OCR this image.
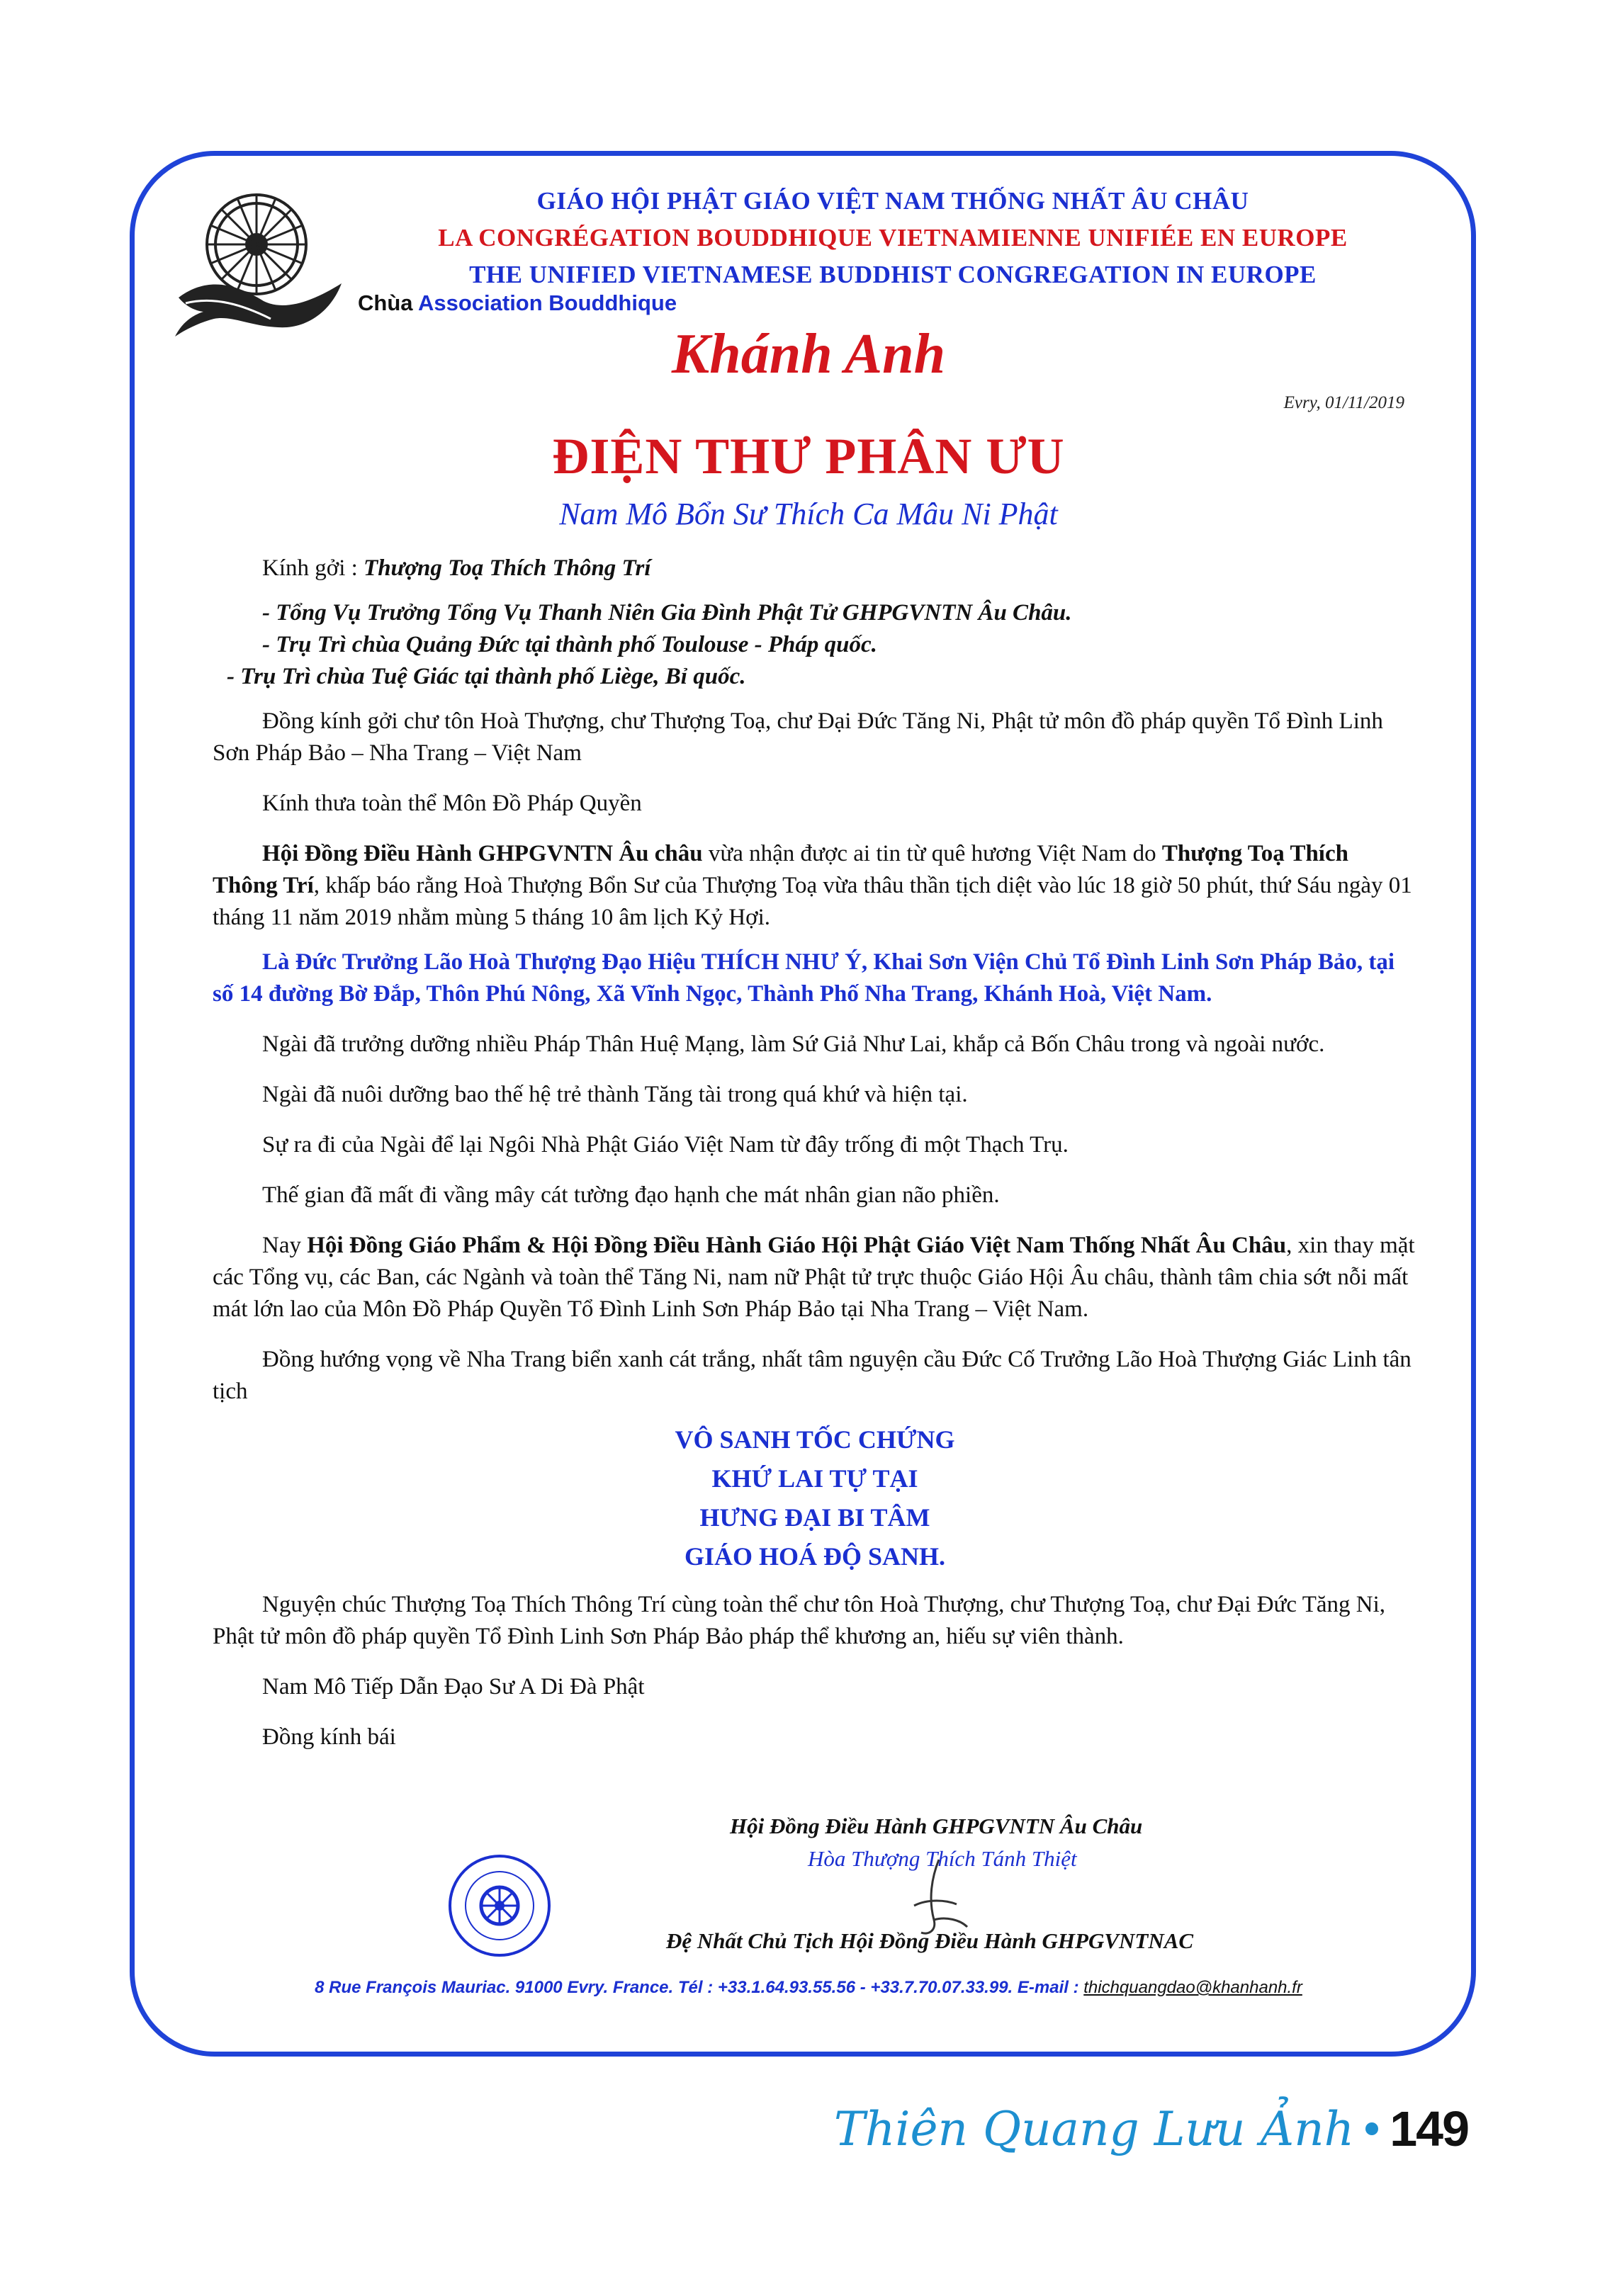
GIÁO HỘI PHẬT GIÁO VIỆT NAM THỐNG NHẤT ÂU CHÂU
LA CONGRÉGATION BOUDDHIQUE VIETNAMIENNE UNIFIÉE EN EUROPE
THE UNIFIED VIETNAMESE BUDDHIST CONGREGATION IN EUROPE
Chùa Association Bouddhique
Khánh Anh
Evry, 01/11/2019
ĐIỆN THƯ PHÂN ƯU
Nam Mô Bổn Sư Thích Ca Mâu Ni Phật

Kính gởi : Thượng Toạ Thích Thông Trí

- Tổng Vụ Trưởng Tổng Vụ Thanh Niên Gia Đình Phật Tử GHPGVNTN Âu Châu.

- Trụ Trì chùa Quảng Đức tại thành phố Toulouse - Pháp quốc.

- Trụ Trì chùa Tuệ Giác tại thành phố Liège, Bỉ quốc.

Đồng kính gởi chư tôn Hoà Thượng, chư Thượng Toạ, chư Đại Đức Tăng Ni, Phật tử môn đồ pháp quyền Tổ Đình Linh Sơn Pháp Bảo – Nha Trang – Việt Nam

Kính thưa toàn thể Môn Đồ Pháp Quyền

Hội Đồng Điều Hành GHPGVNTN Âu châu vừa nhận được ai tin từ quê hương Việt Nam do Thượng Toạ Thích Thông Trí, khấp báo rằng Hoà Thượng Bổn Sư của Thượng Toạ vừa thâu thần tịch diệt vào lúc 18 giờ 50 phút, thứ Sáu ngày 01 tháng 11 năm 2019 nhằm mùng 5 tháng 10 âm lịch Kỷ Hợi.

Là Đức Trưởng Lão Hoà Thượng Đạo Hiệu THÍCH NHƯ Ý, Khai Sơn Viện Chủ Tổ Đình Linh Sơn Pháp Bảo, tại số 14 đường Bờ Đắp, Thôn Phú Nông, Xã Vĩnh Ngọc, Thành Phố Nha Trang, Khánh Hoà, Việt Nam.

Ngài đã trưởng dưỡng nhiều Pháp Thân Huệ Mạng, làm Sứ Giả Như Lai, khắp cả Bốn Châu trong và ngoài nước.

Ngài đã nuôi dưỡng bao thế hệ trẻ thành Tăng tài trong quá khứ và hiện tại.

Sự ra đi của Ngài để lại Ngôi Nhà Phật Giáo Việt Nam từ đây trống đi một Thạch Trụ.

Thế gian đã mất đi vầng mây cát tường đạo hạnh che mát nhân gian não phiền.

Nay Hội Đồng Giáo Phẩm & Hội Đồng Điều Hành Giáo Hội Phật Giáo Việt Nam Thống Nhất Âu Châu, xin thay mặt các Tổng vụ, các Ban, các Ngành và toàn thể Tăng Ni, nam nữ Phật tử trực thuộc Giáo Hội Âu châu, thành tâm chia sớt nỗi mất mát lớn lao của Môn Đồ Pháp Quyền Tổ Đình Linh Sơn Pháp Bảo tại Nha Trang – Việt Nam.

Đồng hướng vọng về Nha Trang biển xanh cát trắng, nhất tâm nguyện cầu Đức Cố Trưởng Lão Hoà Thượng Giác Linh tân tịch

VÔ SANH TỐC CHỨNG
KHỨ LAI TỰ TẠI
HƯNG ĐẠI BI TÂM
GIÁO HOÁ ĐỘ SANH.

Nguyện chúc Thượng Toạ Thích Thông Trí cùng toàn thể chư tôn Hoà Thượng, chư Thượng Toạ, chư Đại Đức Tăng Ni, Phật tử môn đồ pháp quyền Tổ Đình Linh Sơn Pháp Bảo pháp thể khương an, hiếu sự viên thành.

Nam Mô Tiếp Dẫn Đạo Sư A Di Đà Phật

Đồng kính bái

Hội Đồng Điều Hành GHPGVNTN Âu Châu
Hòa Thượng Thích Tánh Thiệt
Đệ Nhất Chủ Tịch Hội Đồng Điều Hành GHPGVNTNAC
8 Rue François Mauriac. 91000 Evry. France. Tél : +33.1.64.93.55.56 - +33.7.70.07.33.99. E-mail : thichquangdao@khanhanh.fr
Thiên Quang Lưu Ảnh 149
